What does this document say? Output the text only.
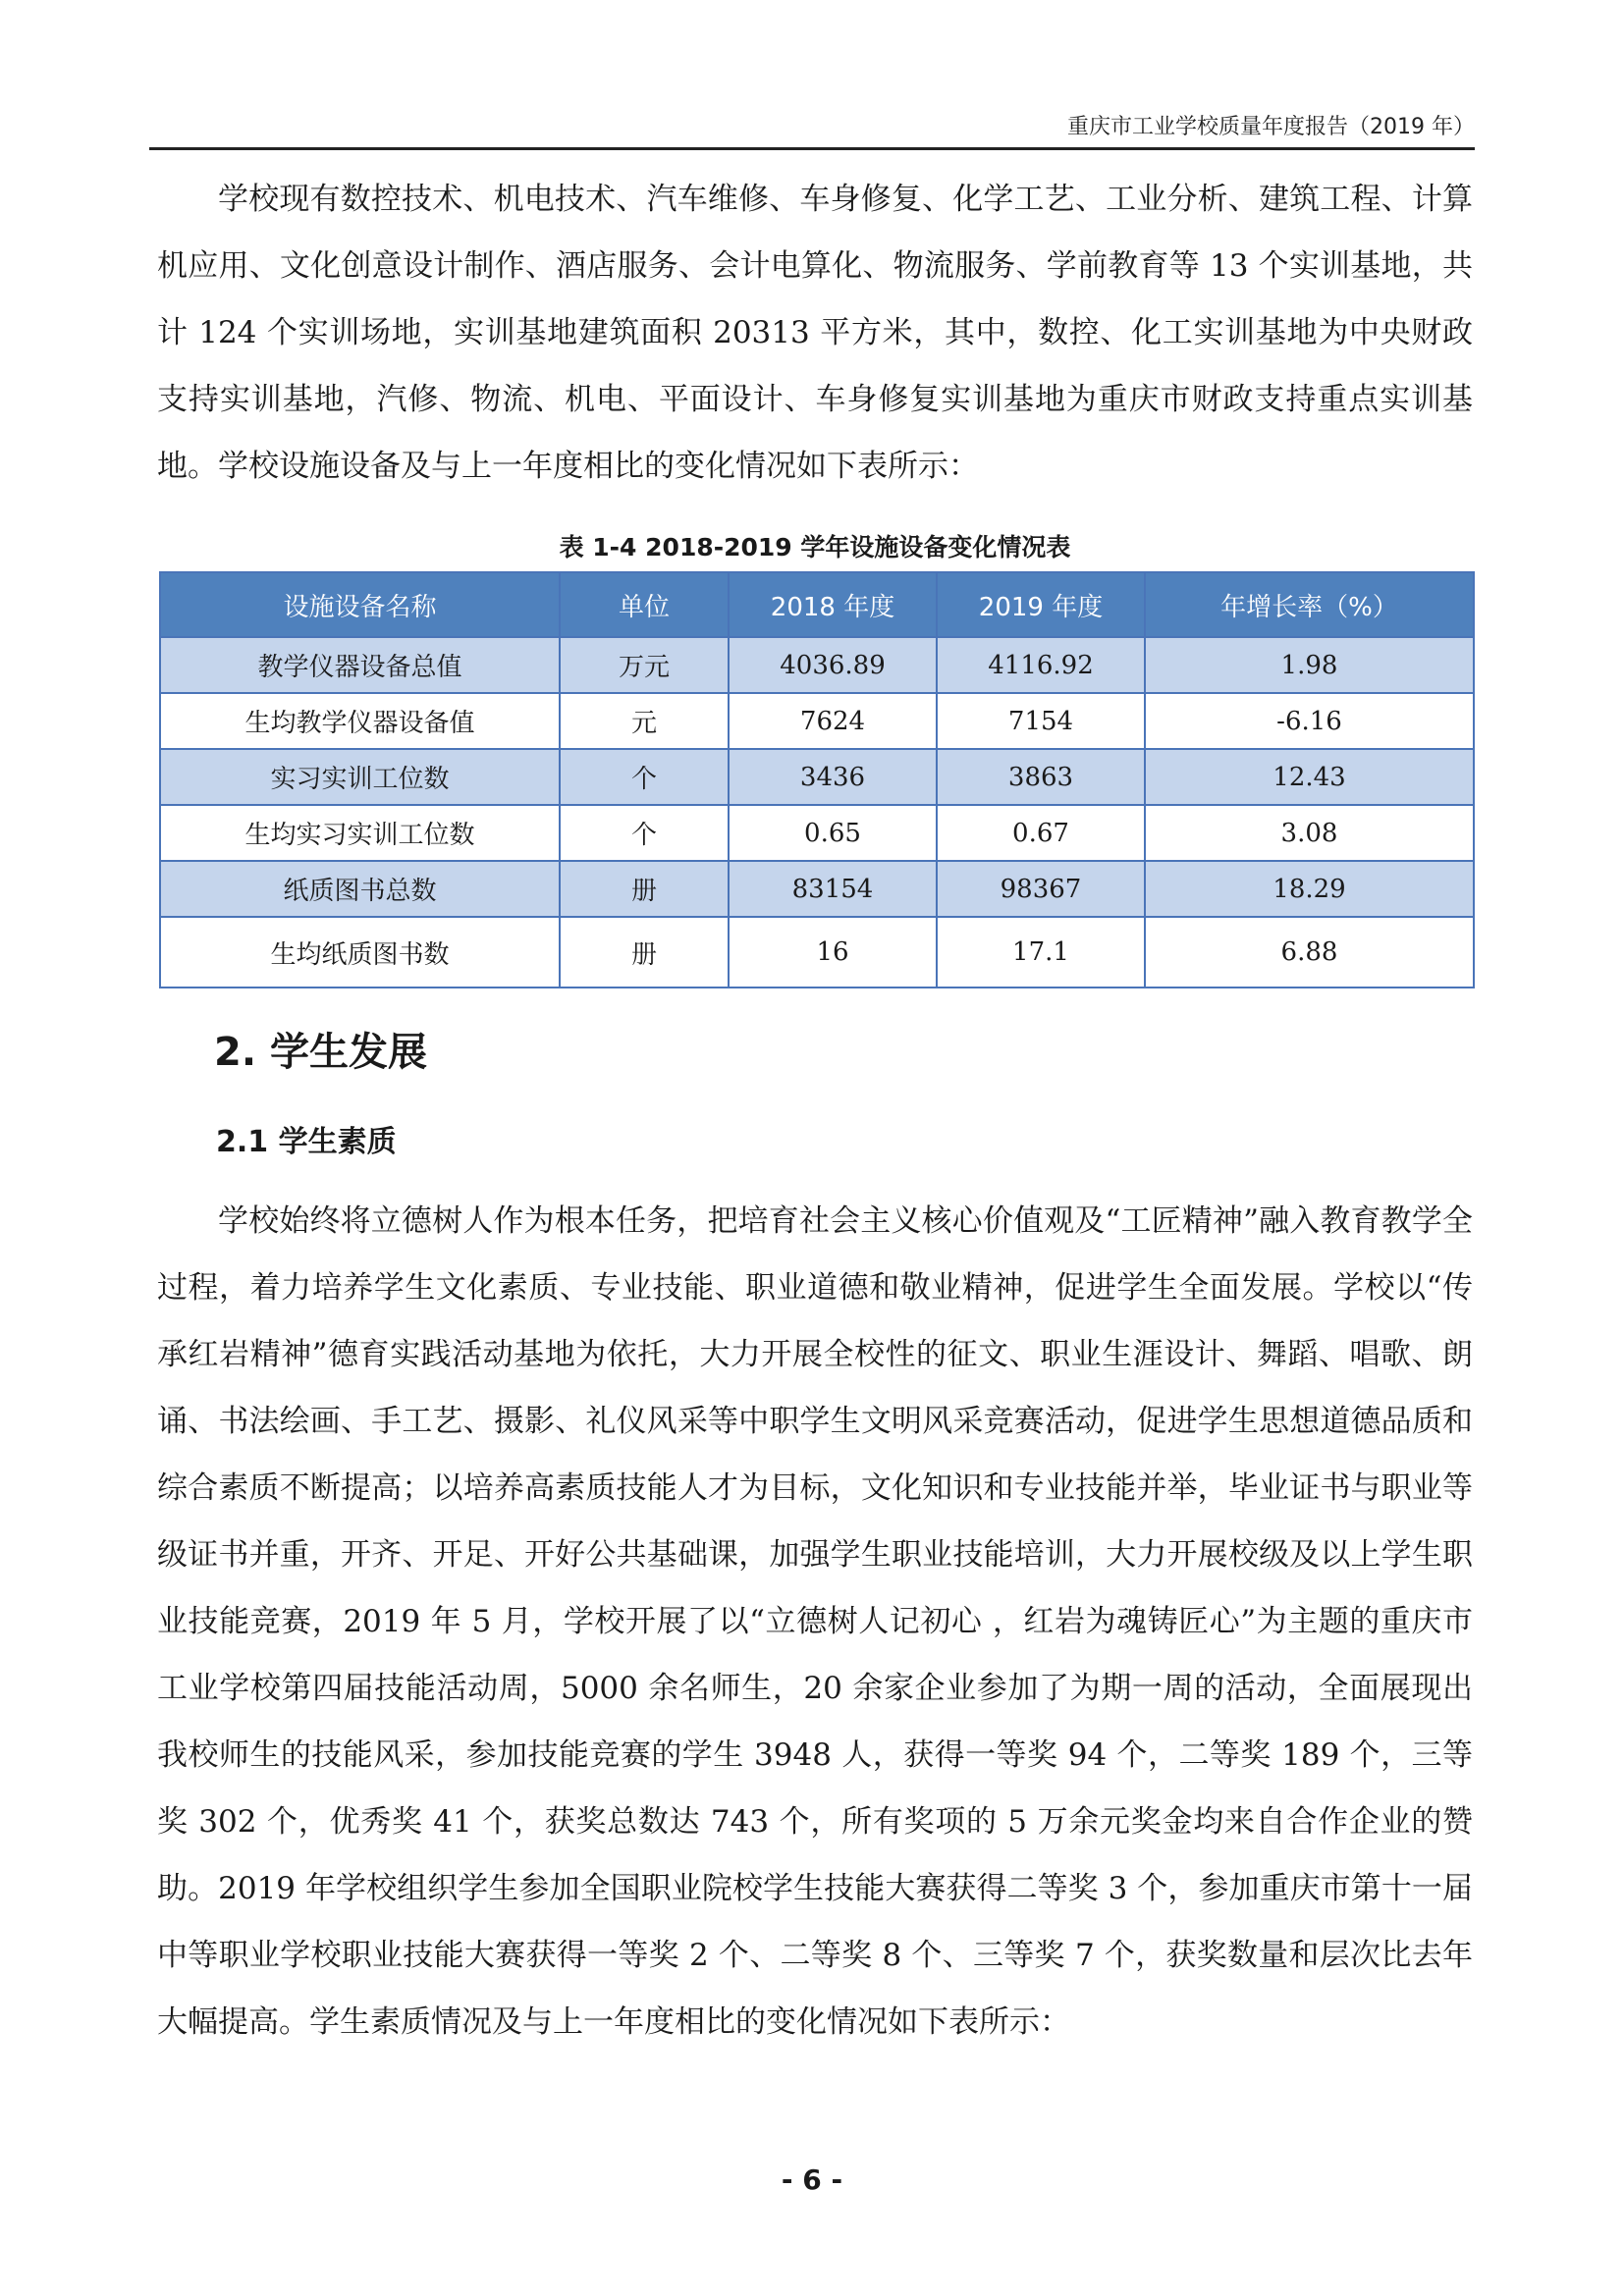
重庆市工业学校质量年度报告（2019 年）

学校现有数控技术、机电技术、汽车维修、车身修复、化学工艺、工业分析、建筑工程、计算机应用、文化创意设计制作、酒店服务、会计电算化、物流服务、学前教育等 13 个实训基地，共计 124 个实训场地，实训基地建筑面积 20313 平方米，其中，数控、化工实训基地为中央财政支持实训基地，汽修、物流、机电、平面设计、车身修复实训基地为重庆市财政支持重点实训基地。学校设施设备及与上一年度相比的变化情况如下表所示：

表 1-4 2018-2019 学年设施设备变化情况表
设施设备名称	单位	2018 年度	2019 年度	年增长率（%）
教学仪器设备总值	万元	4036.89	4116.92	1.98
生均教学仪器设备值	元	7624	7154	-6.16
实习实训工位数	个	3436	3863	12.43
生均实习实训工位数	个	0.65	0.67	3.08
纸质图书总数	册	83154	98367	18.29
生均纸质图书数	册	16	17.1	6.88
2. 学生发展
2.1 学生素质

学校始终将立德树人作为根本任务，把培育社会主义核心价值观及“工匠精神”融入教育教学全过程，着力培养学生文化素质、专业技能、职业道德和敬业精神，促进学生全面发展。学校以“传承红岩精神”德育实践活动基地为依托，大力开展全校性的征文、职业生涯设计、舞蹈、唱歌、朗诵、书法绘画、手工艺、摄影、礼仪风采等中职学生文明风采竞赛活动，促进学生思想道德品质和综合素质不断提高；以培养高素质技能人才为目标，文化知识和专业技能并举，毕业证书与职业等级证书并重，开齐、开足、开好公共基础课，加强学生职业技能培训，大力开展校级及以上学生职业技能竞赛，2019 年 5 月，学校开展了以“立德树人记初心 ，红岩为魂铸匠心”为主题的重庆市工业学校第四届技能活动周，5000 余名师生，20 余家企业参加了为期一周的活动，全面展现出我校师生的技能风采，参加技能竞赛的学生 3948 人，获得一等奖 94 个，二等奖 189 个，三等奖 302 个，优秀奖 41 个，获奖总数达 743 个，所有奖项的 5 万余元奖金均来自合作企业的赞助。2019 年学校组织学生参加全国职业院校学生技能大赛获得二等奖 3 个，参加重庆市第十一届中等职业学校职业技能大赛获得一等奖 2 个、二等奖 8 个、三等奖 7 个，获奖数量和层次比去年大幅提高。学生素质情况及与上一年度相比的变化情况如下表所示：

- 6 -
